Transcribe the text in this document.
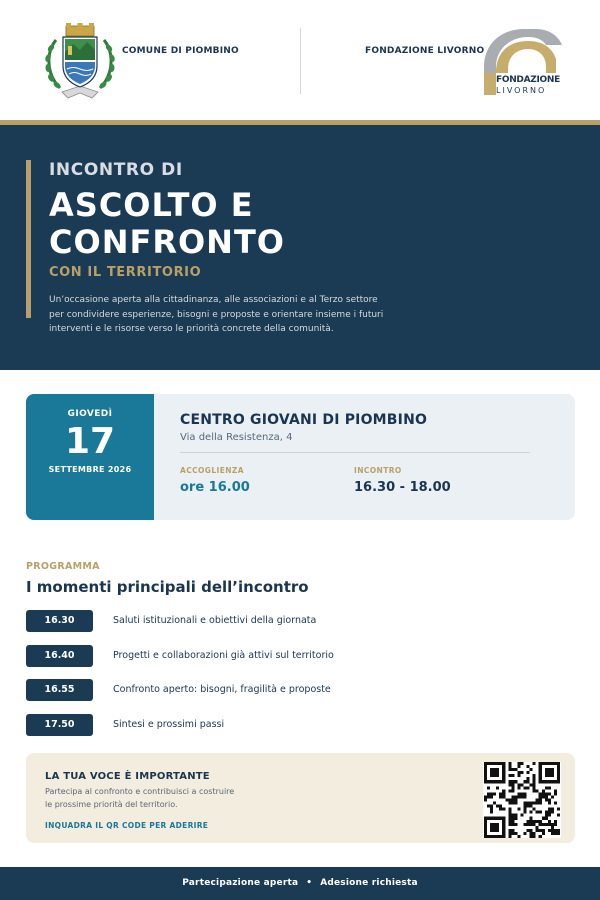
COMUNE DI PIOMBINO	FONDAZIONE LIVORNO
FONDAZIONE
LIVORNO
INCONTRO DI
ASCOLTO E
CONFRONTO
CON IL TERRITORIO

Un’occasione aperta alla cittadinanza, alle associazioni e al Terzo settore per condividere esperienze, bisogni e proposte e orientare insieme i futuri interventi e le risorse verso le priorità concrete della comunità.

GIOVEDÌ
17
SETTEMBRE 2026
CENTRO GIOVANI DI PIOMBINO
Via della Resistenza, 4
ACCOGLIENZA
ore 16.00
INCONTRO
16.30 - 18.00
PROGRAMMA
I momenti principali dell’incontro
16.30	Saluti istituzionali e obiettivi della giornata
16.40	Progetti e collaborazioni già attivi sul territorio
16.55	Confronto aperto: bisogni, fragilità e proposte
17.50	Sintesi e prossimi passi
LA TUA VOCE È IMPORTANTE
Partecipa al confronto e contribuisci a costruire
le prossime priorità del territorio.
INQUADRA IL QR CODE PER ADERIRE
Partecipazione aperta • Adesione richiesta
